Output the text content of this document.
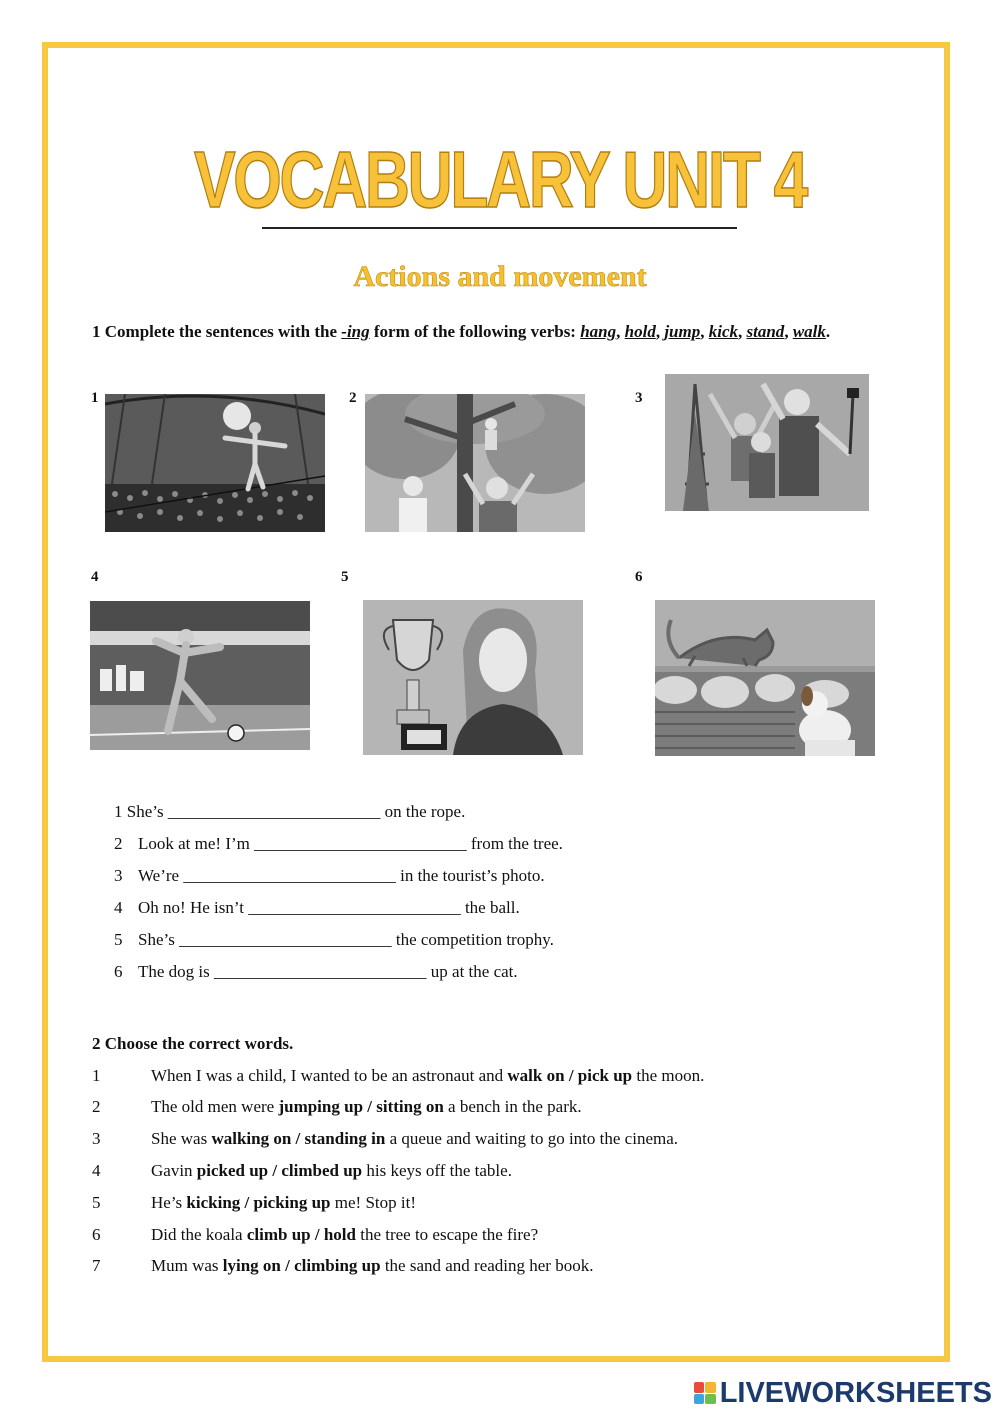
VOCABULARY UNIT 4
Actions and movement
1 Complete the sentences with the -ing form of the following verbs: hang, hold, jump, kick, stand, walk.
1	2	3
4	5	6
1 She’s _________________________ on the rope.
2 Look at me! I’m _________________________ from the tree.
3 We’re _________________________ in the tourist’s photo.
4 Oh no! He isn’t _________________________ the ball.
5 She’s _________________________ the competition trophy.
6 The dog is _________________________ up at the cat.
2 Choose the correct words.
1	When I was a child, I wanted to be an astronaut and walk on / pick up the moon.
2	The old men were jumping up / sitting on a bench in the park.
3	She was walking on / standing in a queue and waiting to go into the cinema.
4	Gavin picked up / climbed up his keys off the table.
5	He’s kicking / picking up me! Stop it!
6	Did the koala climb up / hold the tree to escape the fire?
7	Mum was lying on / climbing up the sand and reading her book.
LIVEWORKSHEETS
